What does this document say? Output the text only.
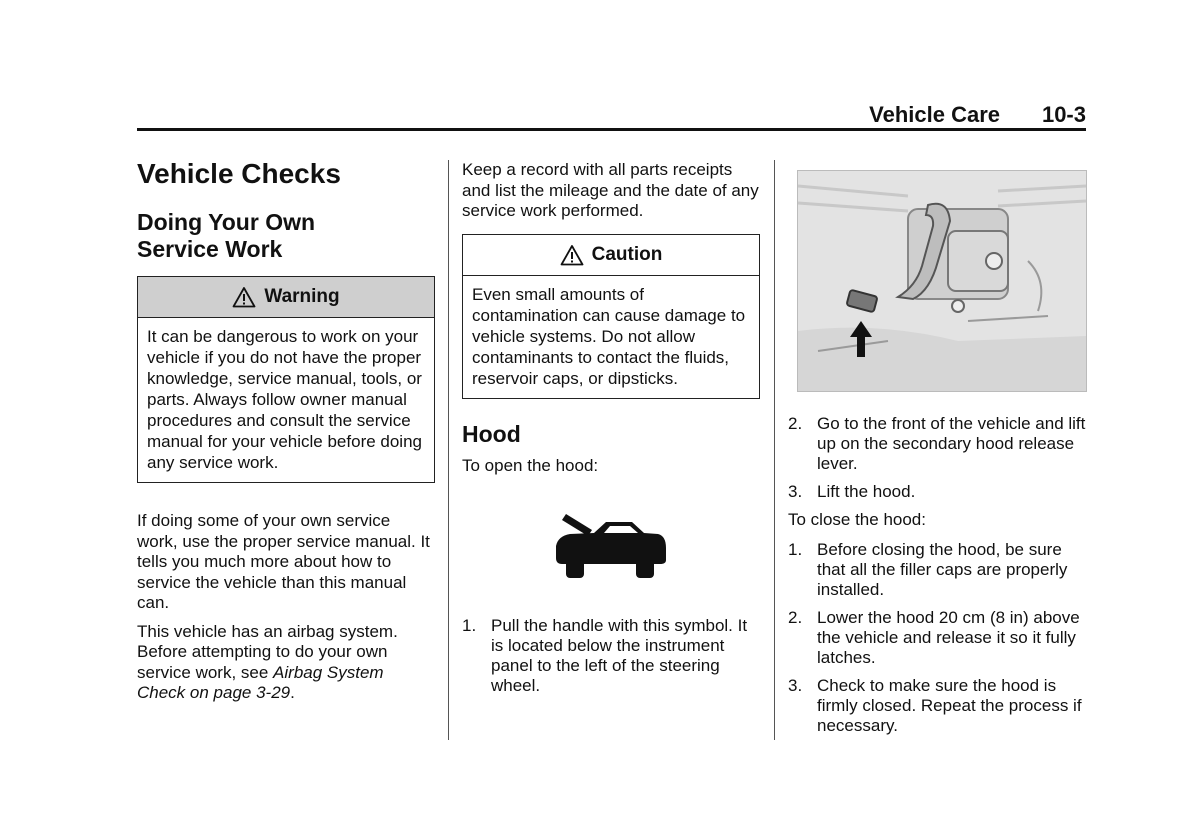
Vehicle Care 10-3
Vehicle Checks
Doing Your Own
Service Work
Warning
It can be dangerous to work on your vehicle if you do not have the proper knowledge, service manual, tools, or parts. Always follow owner manual procedures and consult the service manual for your vehicle before doing any service work.

If doing some of your own service work, use the proper service manual. It tells you much more about how to service the vehicle than this manual can.

This vehicle has an airbag system. Before attempting to do your own service work, see Airbag System Check on page 3-29.

Keep a record with all parts receipts and list the mileage and the date of any service work performed.

Caution
Even small amounts of contamination can cause damage to vehicle systems. Do not allow contaminants to contact the fluids, reservoir caps, or dipsticks.
Hood

To open the hood:

1. Pull the handle with this symbol. It is located below the instrument panel to the left of the steering wheel.
2. Go to the front of the vehicle and lift up on the secondary hood release lever.
3. Lift the hood.

To close the hood:

1. Before closing the hood, be sure that all the filler caps are properly installed.
2. Lower the hood 20 cm (8 in) above the vehicle and release it so it fully latches.
3. Check to make sure the hood is firmly closed. Repeat the process if necessary.
